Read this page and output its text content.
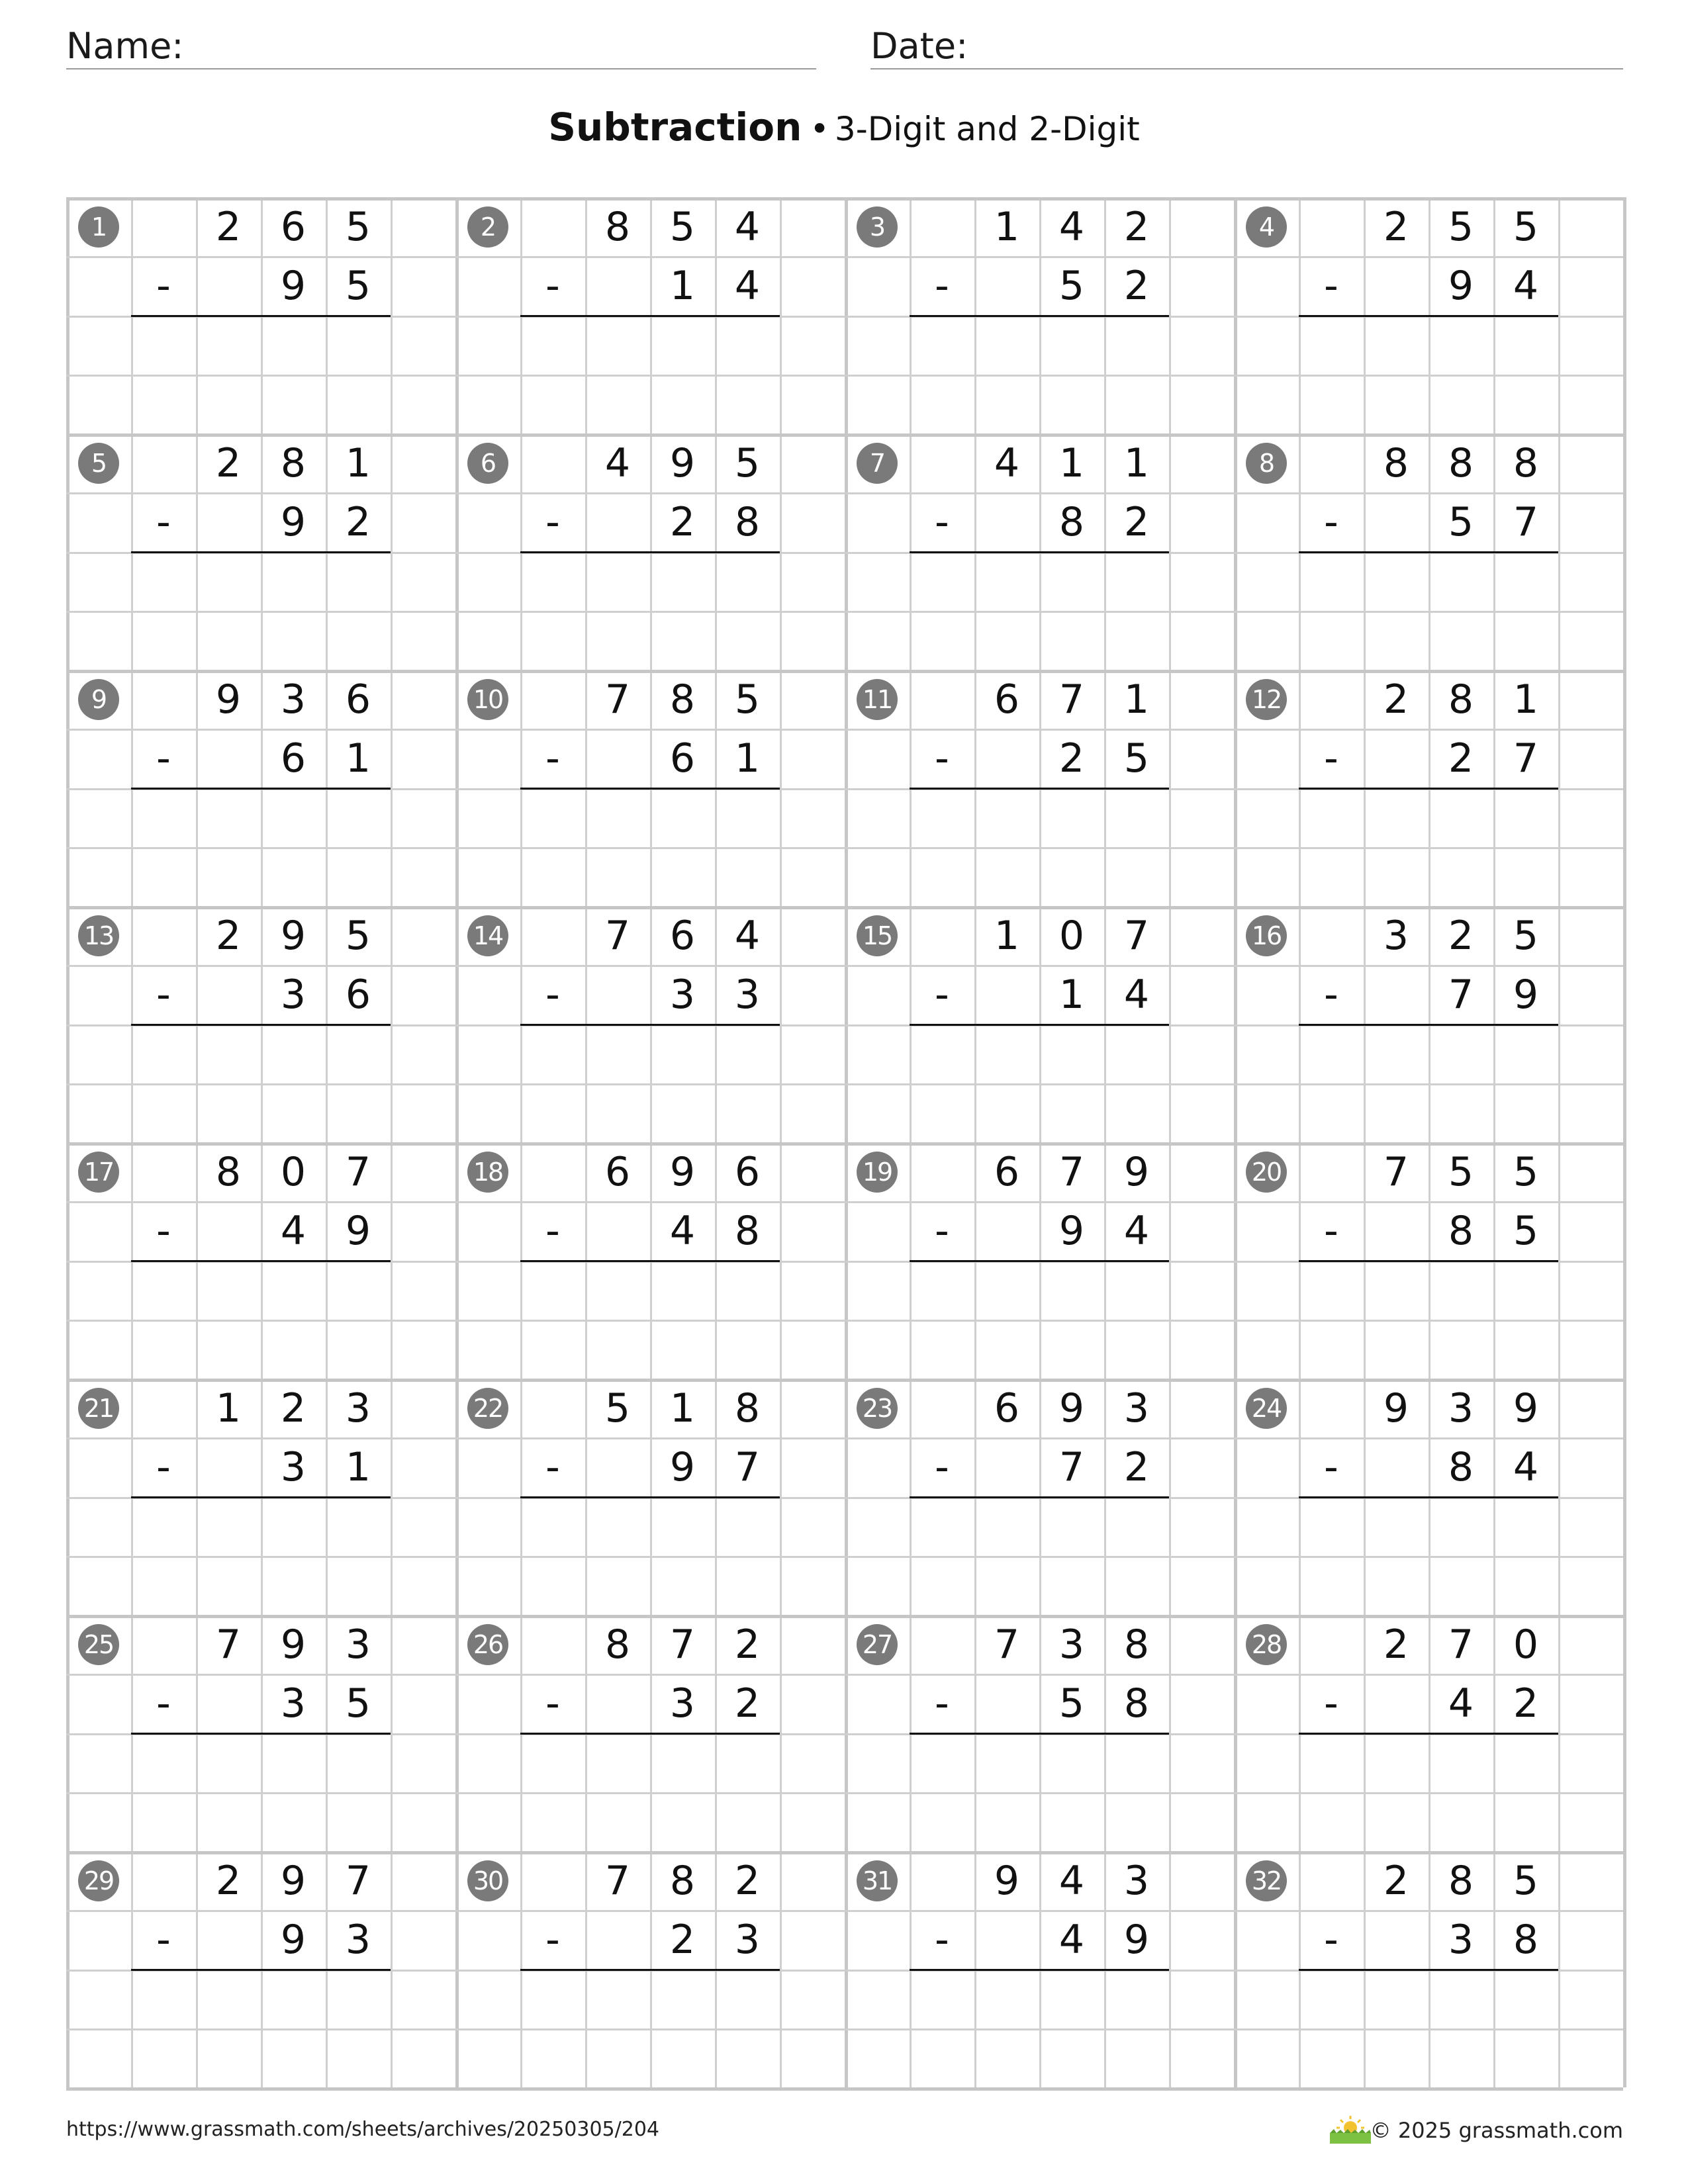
Name:	Date:
Subtraction • 3-Digit and 2-Digit
1	2 6 5
-	9 5
2	8 5 4
-	1 4
3	1 4 2
-	5 2
4	2 5 5
-	9 4
5	2 8 1
-	9 2
6	4 9 5
-	2 8
7	4 1 1
-	8 2
8	8 8 8
-	5 7
9	9 3 6
-	6 1
10	7 8 5
-	6 1
11	6 7 1
-	2 5
12	2 8 1
-	2 7
13	2 9 5
-	3 6
14	7 6 4
-	3 3
15	1 0 7
-	1 4
16	3 2 5
-	7 9
17	8 0 7
-	4 9
18	6 9 6
-	4 8
19	6 7 9
-	9 4
20	7 5 5
-	8 5
21	1 2 3
-	3 1
22	5 1 8
-	9 7
23	6 9 3
-	7 2
24	9 3 9
-	8 4
25	7 9 3
-	3 5
26	8 7 2
-	3 2
27	7 3 8
-	5 8
28	2 7 0
-	4 2
29	2 9 7
-	9 3
30	7 8 2
-	2 3
31	9 4 3
-	4 9
32	2 8 5
-	3 8
https://www.grassmath.com/sheets/archives/20250305/204	© 2025 grassmath.com
